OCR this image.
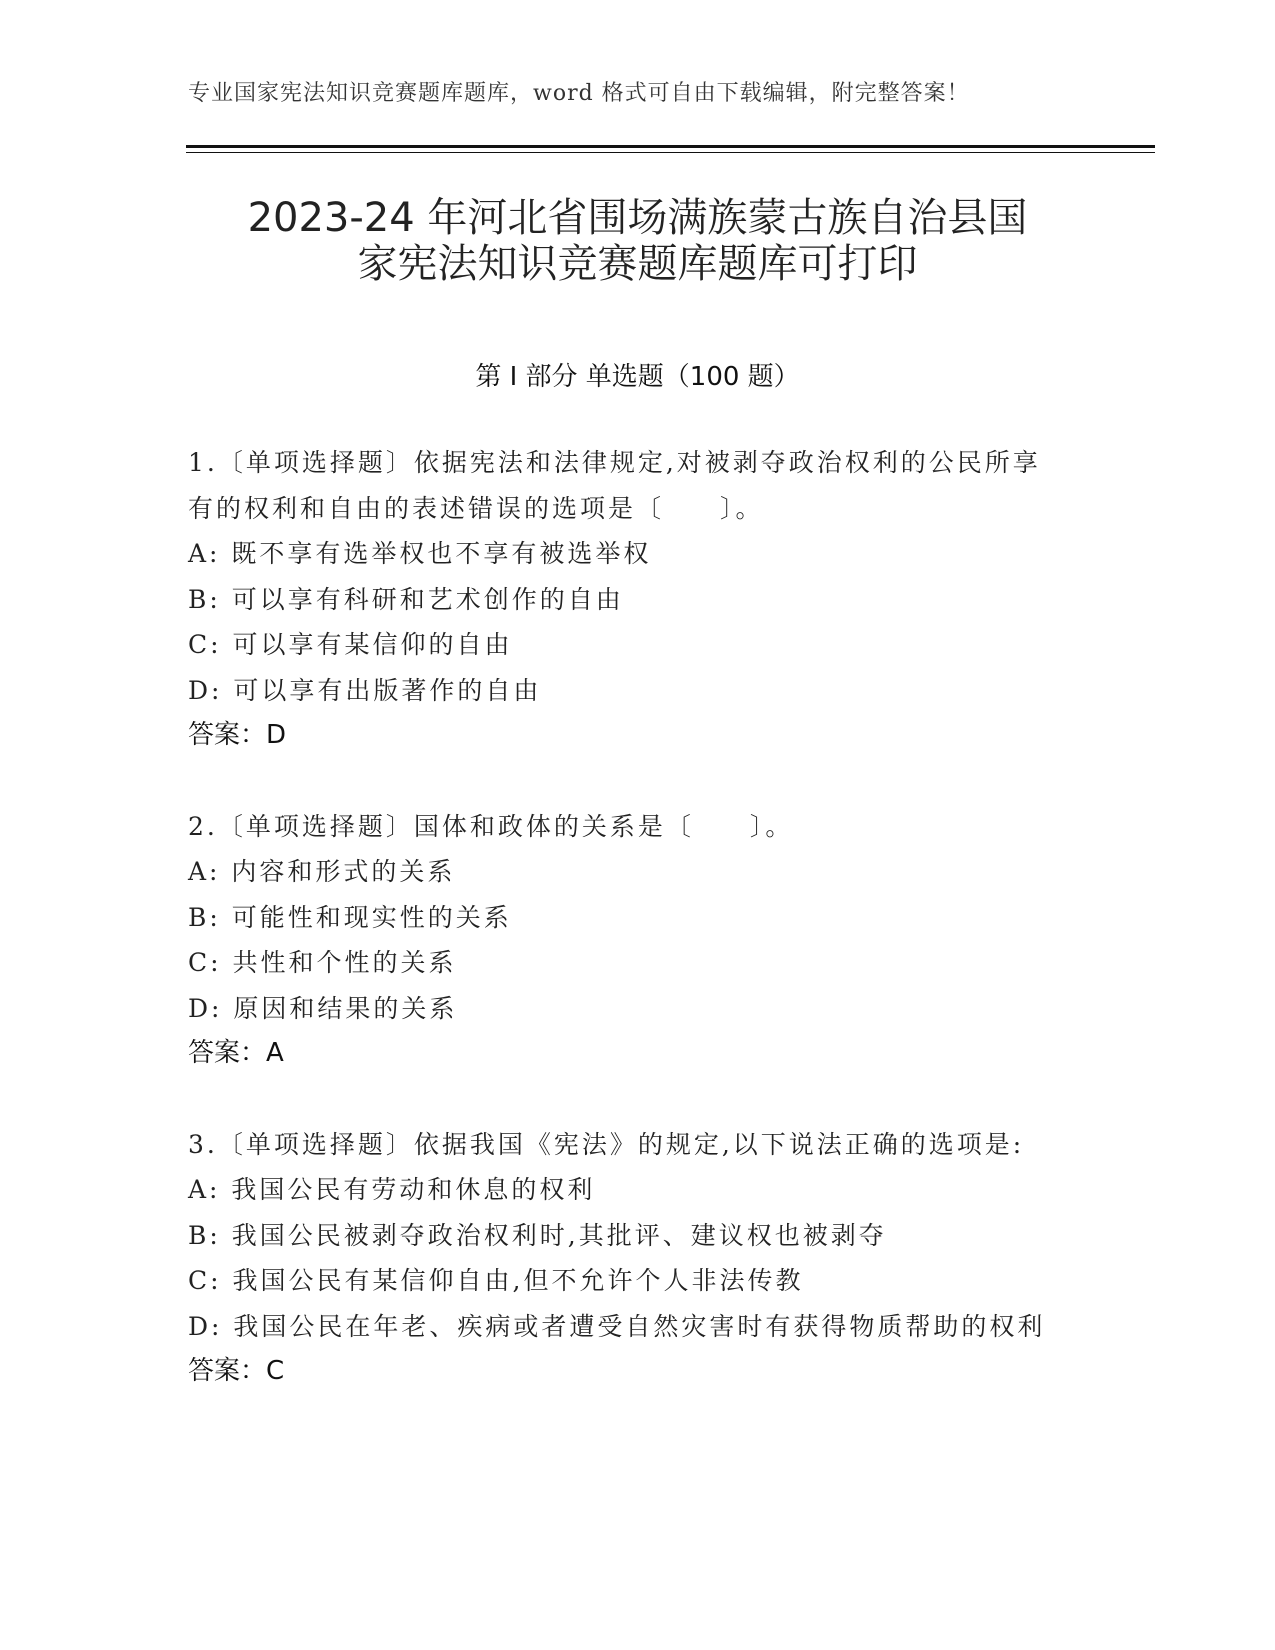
专业国家宪法知识竞赛题库题库，word 格式可自由下载编辑，附完整答案！
2023-24 年河北省围场满族蒙古族自治县国
家宪法知识竞赛题库题库可打印
第 I 部分 单选题（100 题）
1.〔单项选择题〕依据宪法和法律规定,对被剥夺政治权利的公民所享
有的权利和自由的表述错误的选项是〔　　〕。
A: 既不享有选举权也不享有被选举权
B: 可以享有科研和艺术创作的自由
C: 可以享有某信仰的自由
D: 可以享有出版著作的自由
答案：D
2.〔单项选择题〕国体和政体的关系是〔　　〕。
A: 内容和形式的关系
B: 可能性和现实性的关系
C: 共性和个性的关系
D: 原因和结果的关系
答案：A
3.〔单项选择题〕依据我国《宪法》的规定,以下说法正确的选项是:
A: 我国公民有劳动和休息的权利
B: 我国公民被剥夺政治权利时,其批评、建议权也被剥夺
C: 我国公民有某信仰自由,但不允许个人非法传教
D: 我国公民在年老、疾病或者遭受自然灾害时有获得物质帮助的权利
答案：C
